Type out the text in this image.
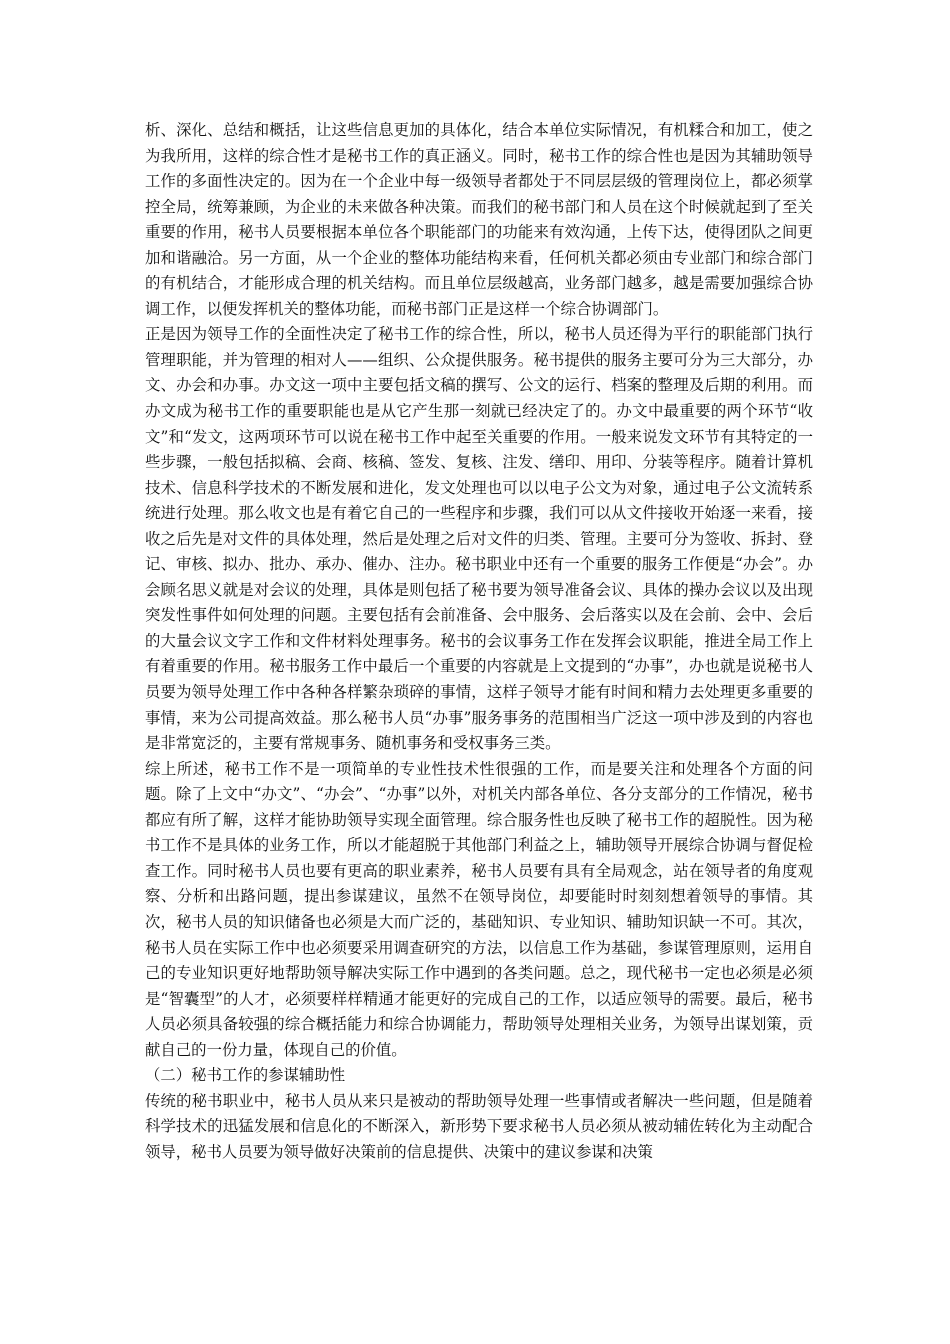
析、深化、总结和概括，让这些信息更加的具体化，结合本单位实际情况，有机糅合和加工，使之为我所用，这样的综合性才是秘书工作的真正涵义。同时，秘书工作的综合性也是因为其辅助领导工作的多面性决定的。因为在一个企业中每一级领导者都处于不同层层级的管理岗位上，都必须掌控全局，统筹兼顾，为企业的未来做各种决策。而我们的秘书部门和人员在这个时候就起到了至关重要的作用，秘书人员要根据本单位各个职能部门的功能来有效沟通，上传下达，使得团队之间更加和谐融洽。另一方面，从一个企业的整体功能结构来看，任何机关都必须由专业部门和综合部门的有机结合，才能形成合理的机关结构。而且单位层级越高，业务部门越多，越是需要加强综合协调工作，以便发挥机关的整体功能，而秘书部门正是这样一个综合协调部门。

正是因为领导工作的全面性决定了秘书工作的综合性，所以，秘书人员还得为平行的职能部门执行管理职能，并为管理的相对人——组织、公众提供服务。秘书提供的服务主要可分为三大部分，办文、办会和办事。办文这一项中主要包括文稿的撰写、公文的运行、档案的整理及后期的利用。而办文成为秘书工作的重要职能也是从它产生那一刻就已经决定了的。办文中最重要的两个环节“收文”和“发文，这两项环节可以说在秘书工作中起至关重要的作用。一般来说发文环节有其特定的一些步骤，一般包括拟稿、会商、核稿、签发、复核、注发、缮印、用印、分装等程序。随着计算机技术、信息科学技术的不断发展和进化，发文处理也可以以电子公文为对象，通过电子公文流转系统进行处理。那么收文也是有着它自己的一些程序和步骤，我们可以从文件接收开始逐一来看，接收之后先是对文件的具体处理，然后是处理之后对文件的归类、管理。主要可分为签收、拆封、登记、审核、拟办、批办、承办、催办、注办。秘书职业中还有一个重要的服务工作便是“办会”。办会顾名思义就是对会议的处理，具体是则包括了秘书要为领导准备会议、具体的操办会议以及出现突发性事件如何处理的问题。主要包括有会前准备、会中服务、会后落实以及在会前、会中、会后的大量会议文字工作和文件材料处理事务。秘书的会议事务工作在发挥会议职能，推进全局工作上有着重要的作用。秘书服务工作中最后一个重要的内容就是上文提到的“办事”，办也就是说秘书人员要为领导处理工作中各种各样繁杂琐碎的事情，这样子领导才能有时间和精力去处理更多重要的事情，来为公司提高效益。那么秘书人员“办事”服务事务的范围相当广泛这一项中涉及到的内容也是非常宽泛的，主要有常规事务、随机事务和受权事务三类。

综上所述，秘书工作不是一项简单的专业性技术性很强的工作，而是要关注和处理各个方面的问题。除了上文中“办文”、“办会”、“办事”以外，对机关内部各单位、各分支部分的工作情况，秘书都应有所了解，这样才能协助领导实现全面管理。综合服务性也反映了秘书工作的超脱性。因为秘书工作不是具体的业务工作，所以才能超脱于其他部门利益之上，辅助领导开展综合协调与督促检查工作。同时秘书人员也要有更高的职业素养，秘书人员要有具有全局观念，站在领导者的角度观察、分析和出路问题，提出参谋建议，虽然不在领导岗位，却要能时时刻刻想着领导的事情。其次，秘书人员的知识储备也必须是大而广泛的，基础知识、专业知识、辅助知识缺一不可。其次，秘书人员在实际工作中也必须要采用调查研究的方法，以信息工作为基础，参谋管理原则，运用自己的专业知识更好地帮助领导解决实际工作中遇到的各类问题。总之，现代秘书一定也必须是必须是“智囊型”的人才，必须要样样精通才能更好的完成自己的工作，以适应领导的需要。最后，秘书人员必须具备较强的综合概括能力和综合协调能力，帮助领导处理相关业务，为领导出谋划策，贡献自己的一份力量，体现自己的价值。

（二）秘书工作的参谋辅助性

传统的秘书职业中，秘书人员从来只是被动的帮助领导处理一些事情或者解决一些问题，但是随着科学技术的迅猛发展和信息化的不断深入，新形势下要求秘书人员必须从被动辅佐转化为主动配合领导，秘书人员要为领导做好决策前的信息提供、决策中的建议参谋和决策
